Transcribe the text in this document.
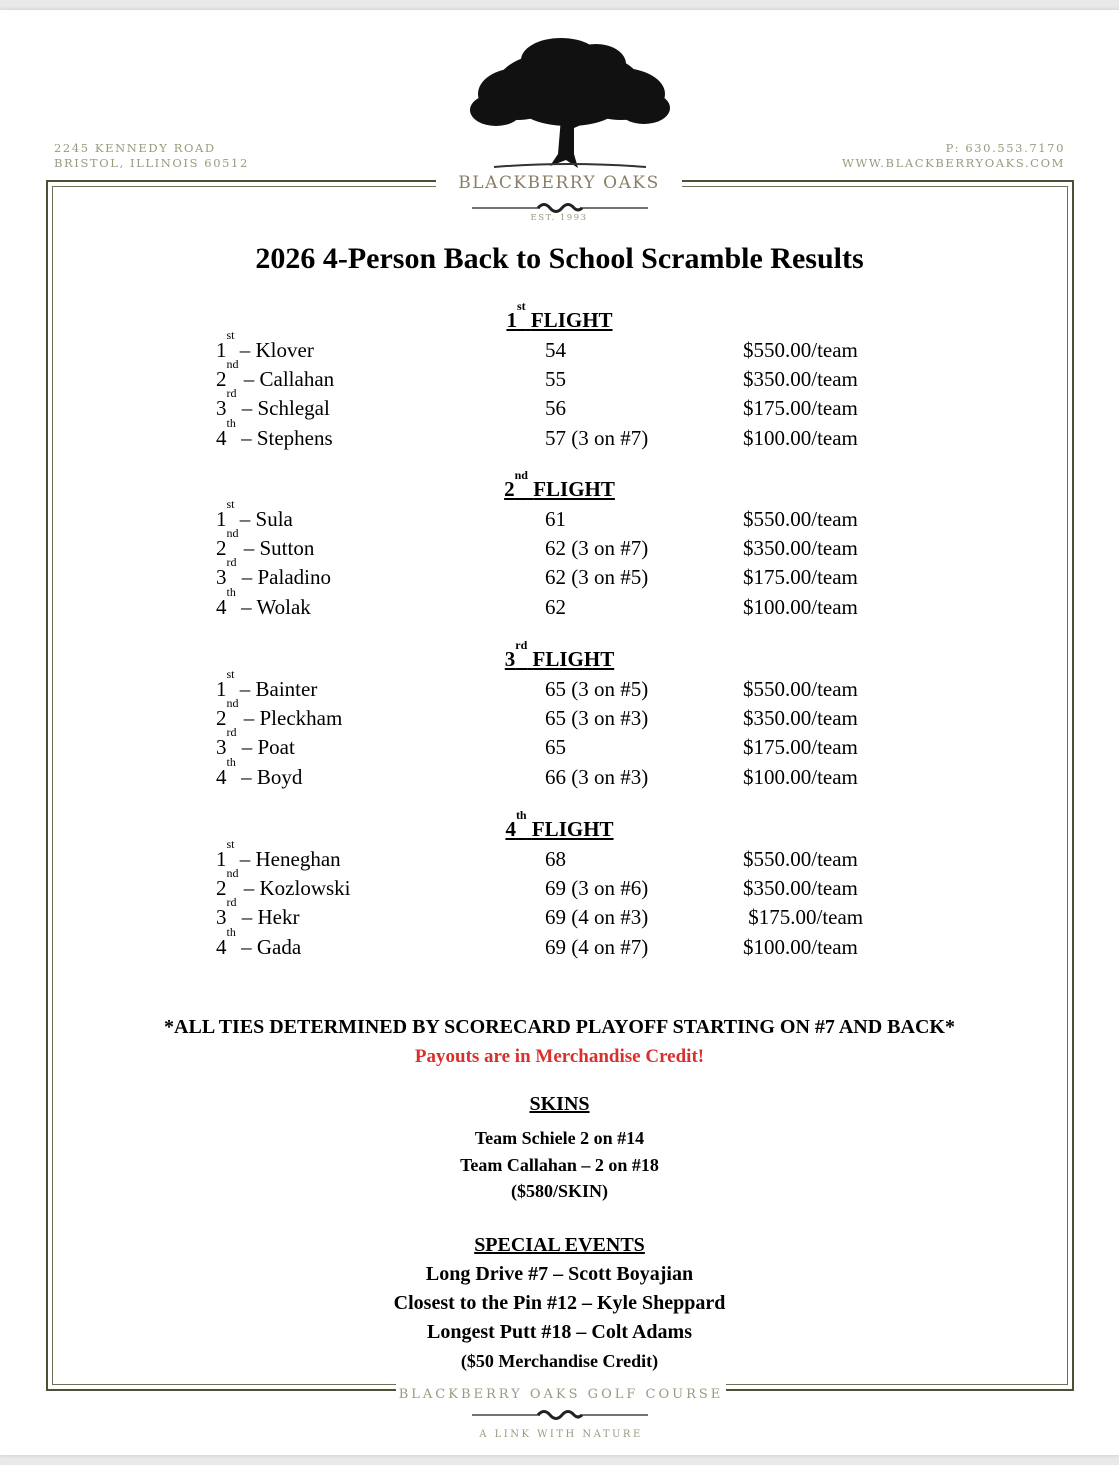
2245 KENNEDY ROAD
BRISTOL, ILLINOIS 60512
P: 630.553.7170
WWW.BLACKBERRYOAKS.COM
BLACKBERRY OAKS
EST. 1993
2026 4-Person Back to School Scramble Results
1st FLIGHT
1st – Klover	54	$550.00/team
2nd – Callahan	55	$350.00/team
3rd – Schlegal	56	$175.00/team
4th – Stephens	57 (3 on #7)	$100.00/team
2nd FLIGHT
1st – Sula	61	$550.00/team
2nd – Sutton	62 (3 on #7)	$350.00/team
3rd – Paladino	62 (3 on #5)	$175.00/team
4th – Wolak	62	$100.00/team
3rd FLIGHT
1st – Bainter	65 (3 on #5)	$550.00/team
2nd – Pleckham	65 (3 on #3)	$350.00/team
3rd – Poat	65	$175.00/team
4th – Boyd	66 (3 on #3)	$100.00/team
4th FLIGHT
1st – Heneghan	68	$550.00/team
2nd – Kozlowski	69 (3 on #6)	$350.00/team
3rd – Hekr	69 (4 on #3)	$175.00/team
4th – Gada	69 (4 on #7)	$100.00/team
*ALL TIES DETERMINED BY SCORECARD PLAYOFF STARTING ON #7 AND BACK*
Payouts are in Merchandise Credit!
SKINS
Team Schiele 2 on #14
Team Callahan – 2 on #18
($580/SKIN)
SPECIAL EVENTS
Long Drive #7 – Scott Boyajian
Closest to the Pin #12 – Kyle Sheppard
Longest Putt #18 – Colt Adams
($50 Merchandise Credit)
BLACKBERRY OAKS GOLF COURSE
A LINK WITH NATURE
